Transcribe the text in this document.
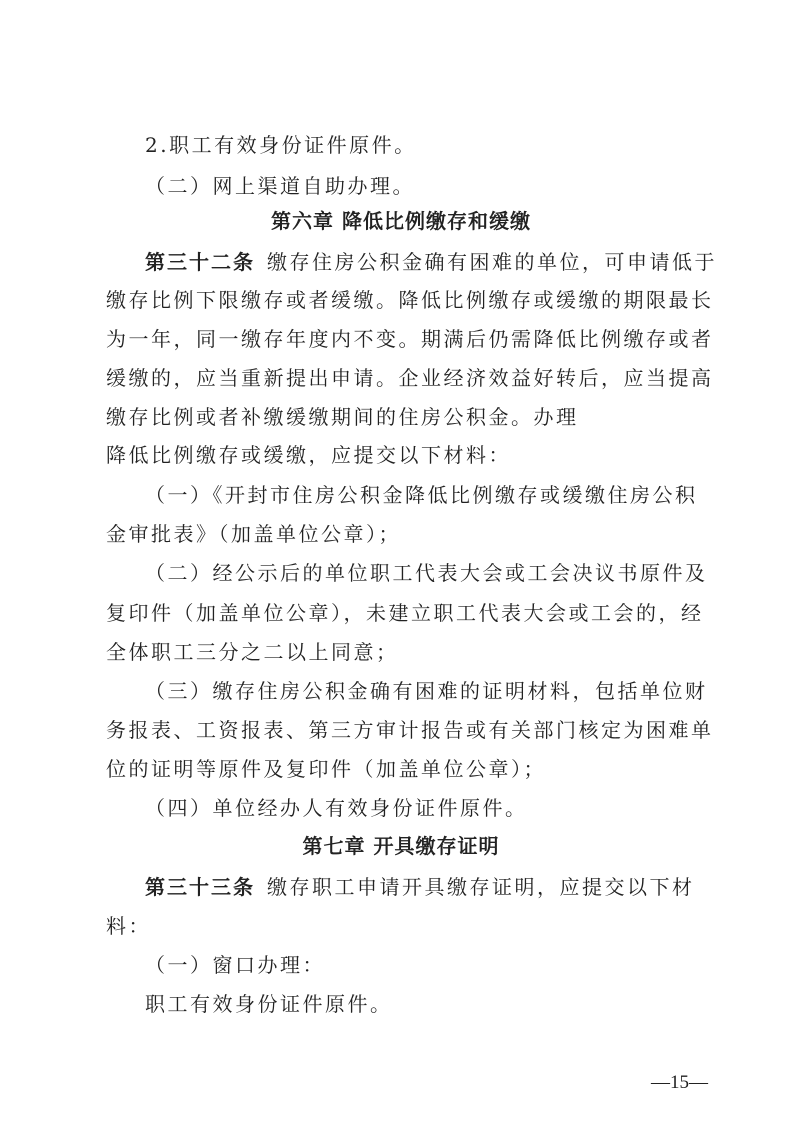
2.职工有效身份证件原件。
（二）网上渠道自助办理。
第六章 降低比例缴存和缓缴
第三十二条 缴存住房公积金确有困难的单位，可申请低于
缴存比例下限缴存或者缓缴。降低比例缴存或缓缴的期限最长
为一年，同一缴存年度内不变。期满后仍需降低比例缴存或者
缓缴的，应当重新提出申请。企业经济效益好转后，应当提高
缴存比例或者补缴缓缴期间的住房公积金。办理
降低比例缴存或缓缴，应提交以下材料：
（一）《开封市住房公积金降低比例缴存或缓缴住房公积
金审批表》（加盖单位公章）；
（二）经公示后的单位职工代表大会或工会决议书原件及
复印件（加盖单位公章），未建立职工代表大会或工会的，经
全体职工三分之二以上同意；
（三）缴存住房公积金确有困难的证明材料，包括单位财
务报表、工资报表、第三方审计报告或有关部门核定为困难单
位的证明等原件及复印件（加盖单位公章）；
（四）单位经办人有效身份证件原件。
第七章 开具缴存证明
第三十三条 缴存职工申请开具缴存证明，应提交以下材
料：
（一）窗口办理：
职工有效身份证件原件。
—15—
